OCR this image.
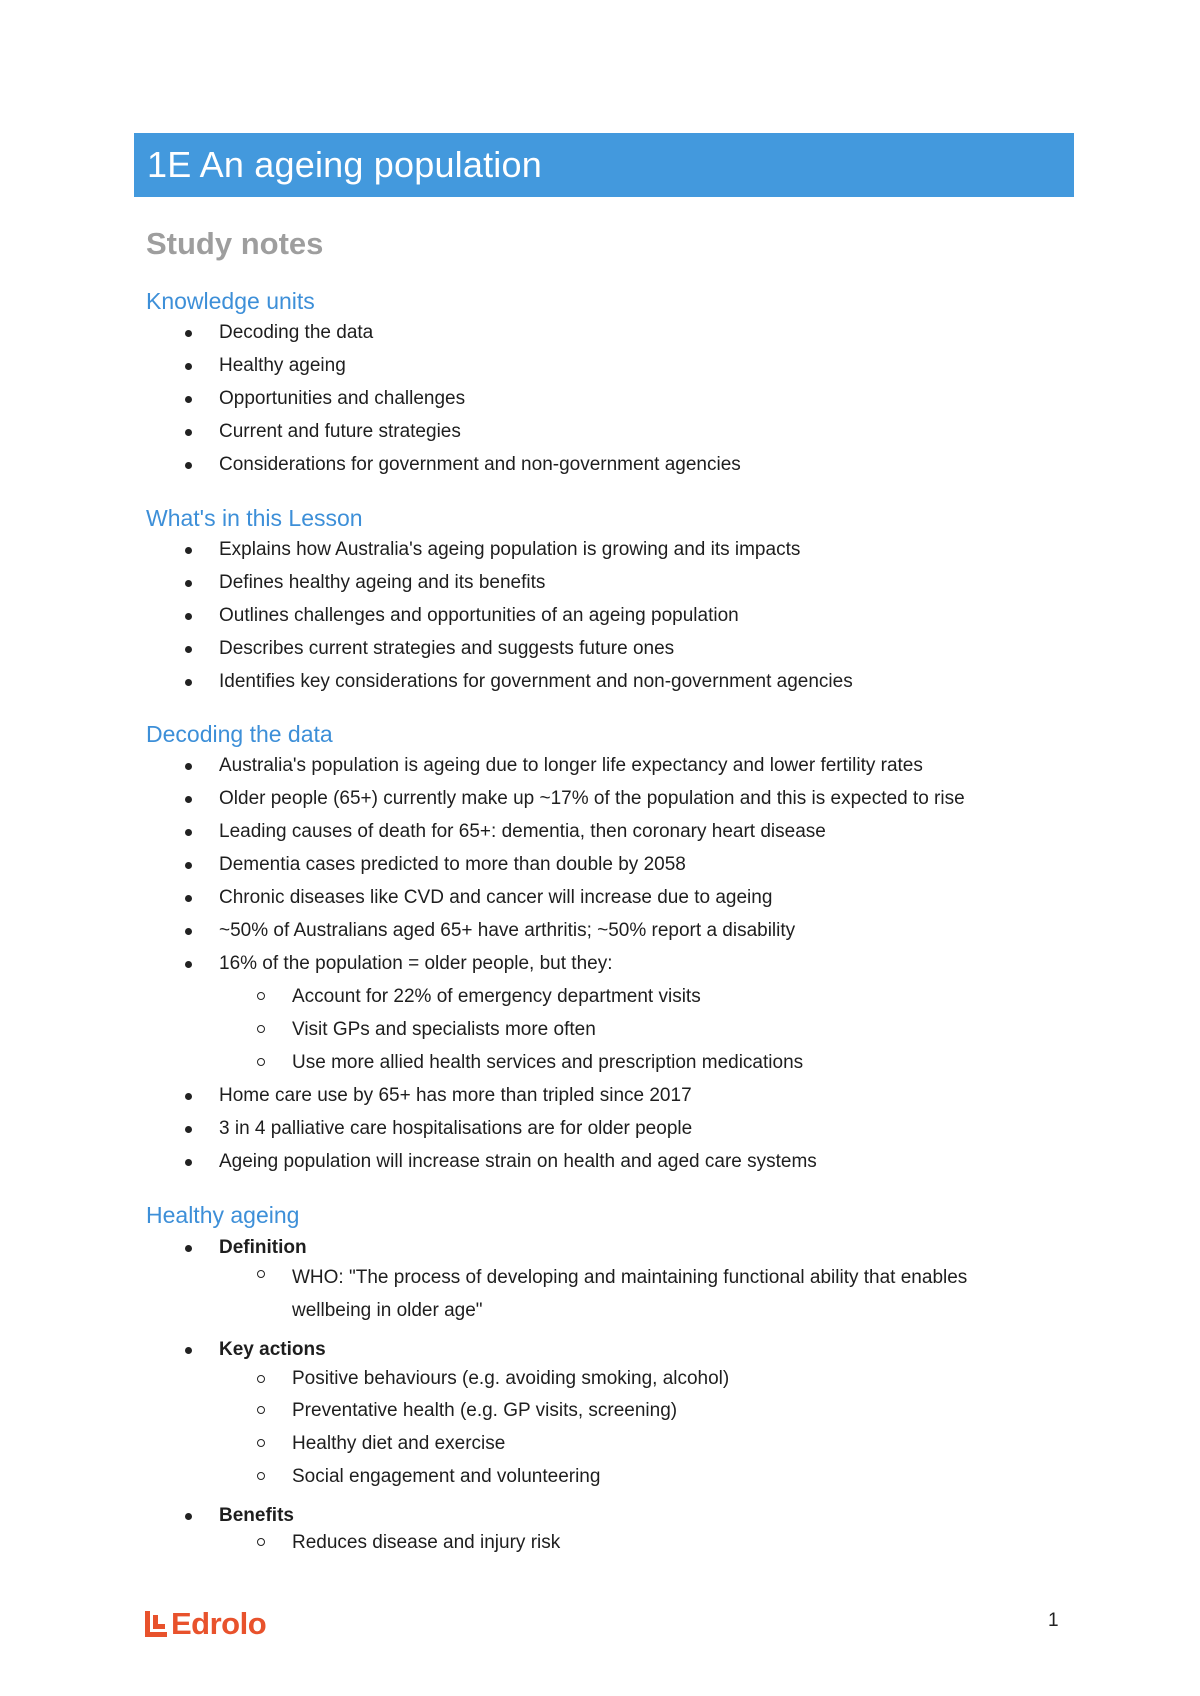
1E An ageing population
Study notes
Knowledge units
Decoding the data
Healthy ageing
Opportunities and challenges
Current and future strategies
Considerations for government and non-government agencies
What's in this Lesson
Explains how Australia's ageing population is growing and its impacts
Defines healthy ageing and its benefits
Outlines challenges and opportunities of an ageing population
Describes current strategies and suggests future ones
Identifies key considerations for government and non-government agencies
Decoding the data
Australia's population is ageing due to longer life expectancy and lower fertility rates
Older people (65+) currently make up ~17% of the population and this is expected to rise
Leading causes of death for 65+: dementia, then coronary heart disease
Dementia cases predicted to more than double by 2058
Chronic diseases like CVD and cancer will increase due to ageing
~50% of Australians aged 65+ have arthritis; ~50% report a disability
16% of the population = older people, but they:
Account for 22% of emergency department visits
Visit GPs and specialists more often
Use more allied health services and prescription medications
Home care use by 65+ has more than tripled since 2017
3 in 4 palliative care hospitalisations are for older people
Ageing population will increase strain on health and aged care systems
Healthy ageing
Definition
WHO: "The process of developing and maintaining functional ability that enables wellbeing in older age"
Key actions
Positive behaviours (e.g. avoiding smoking, alcohol)
Preventative health (e.g. GP visits, screening)
Healthy diet and exercise
Social engagement and volunteering
Benefits
Reduces disease and injury risk
Edrolo	1
